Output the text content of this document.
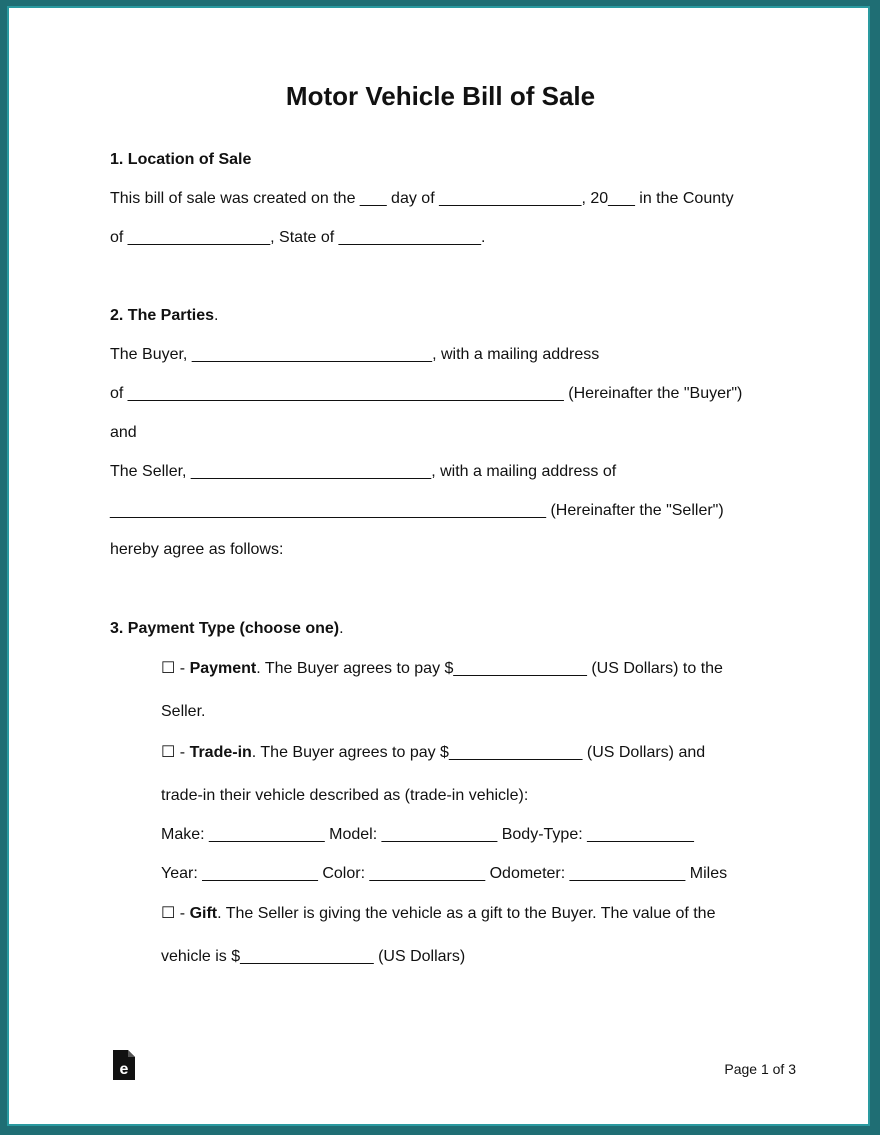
Motor Vehicle Bill of Sale
1. Location of Sale
This bill of sale was created on the ___ day of ________________, 20___ in the County
of ________________, State of ________________.
2. The Parties.
The Buyer, ___________________________, with a mailing address
of _________________________________________________ (Hereinafter the "Buyer")
and
The Seller, ___________________________, with a mailing address of
_________________________________________________ (Hereinafter the "Seller")
hereby agree as follows:
3. Payment Type (choose one).
☐ - Payment. The Buyer agrees to pay $_______________ (US Dollars) to the
Seller.
☐ - Trade-in. The Buyer agrees to pay $_______________ (US Dollars) and
trade-in their vehicle described as (trade-in vehicle):
Make: _____________ Model: _____________ Body-Type: ____________
Year: _____________ Color: _____________ Odometer: _____________ Miles
☐ - Gift. The Seller is giving the vehicle as a gift to the Buyer. The value of the
vehicle is $_______________ (US Dollars)
e	Page 1 of 3
